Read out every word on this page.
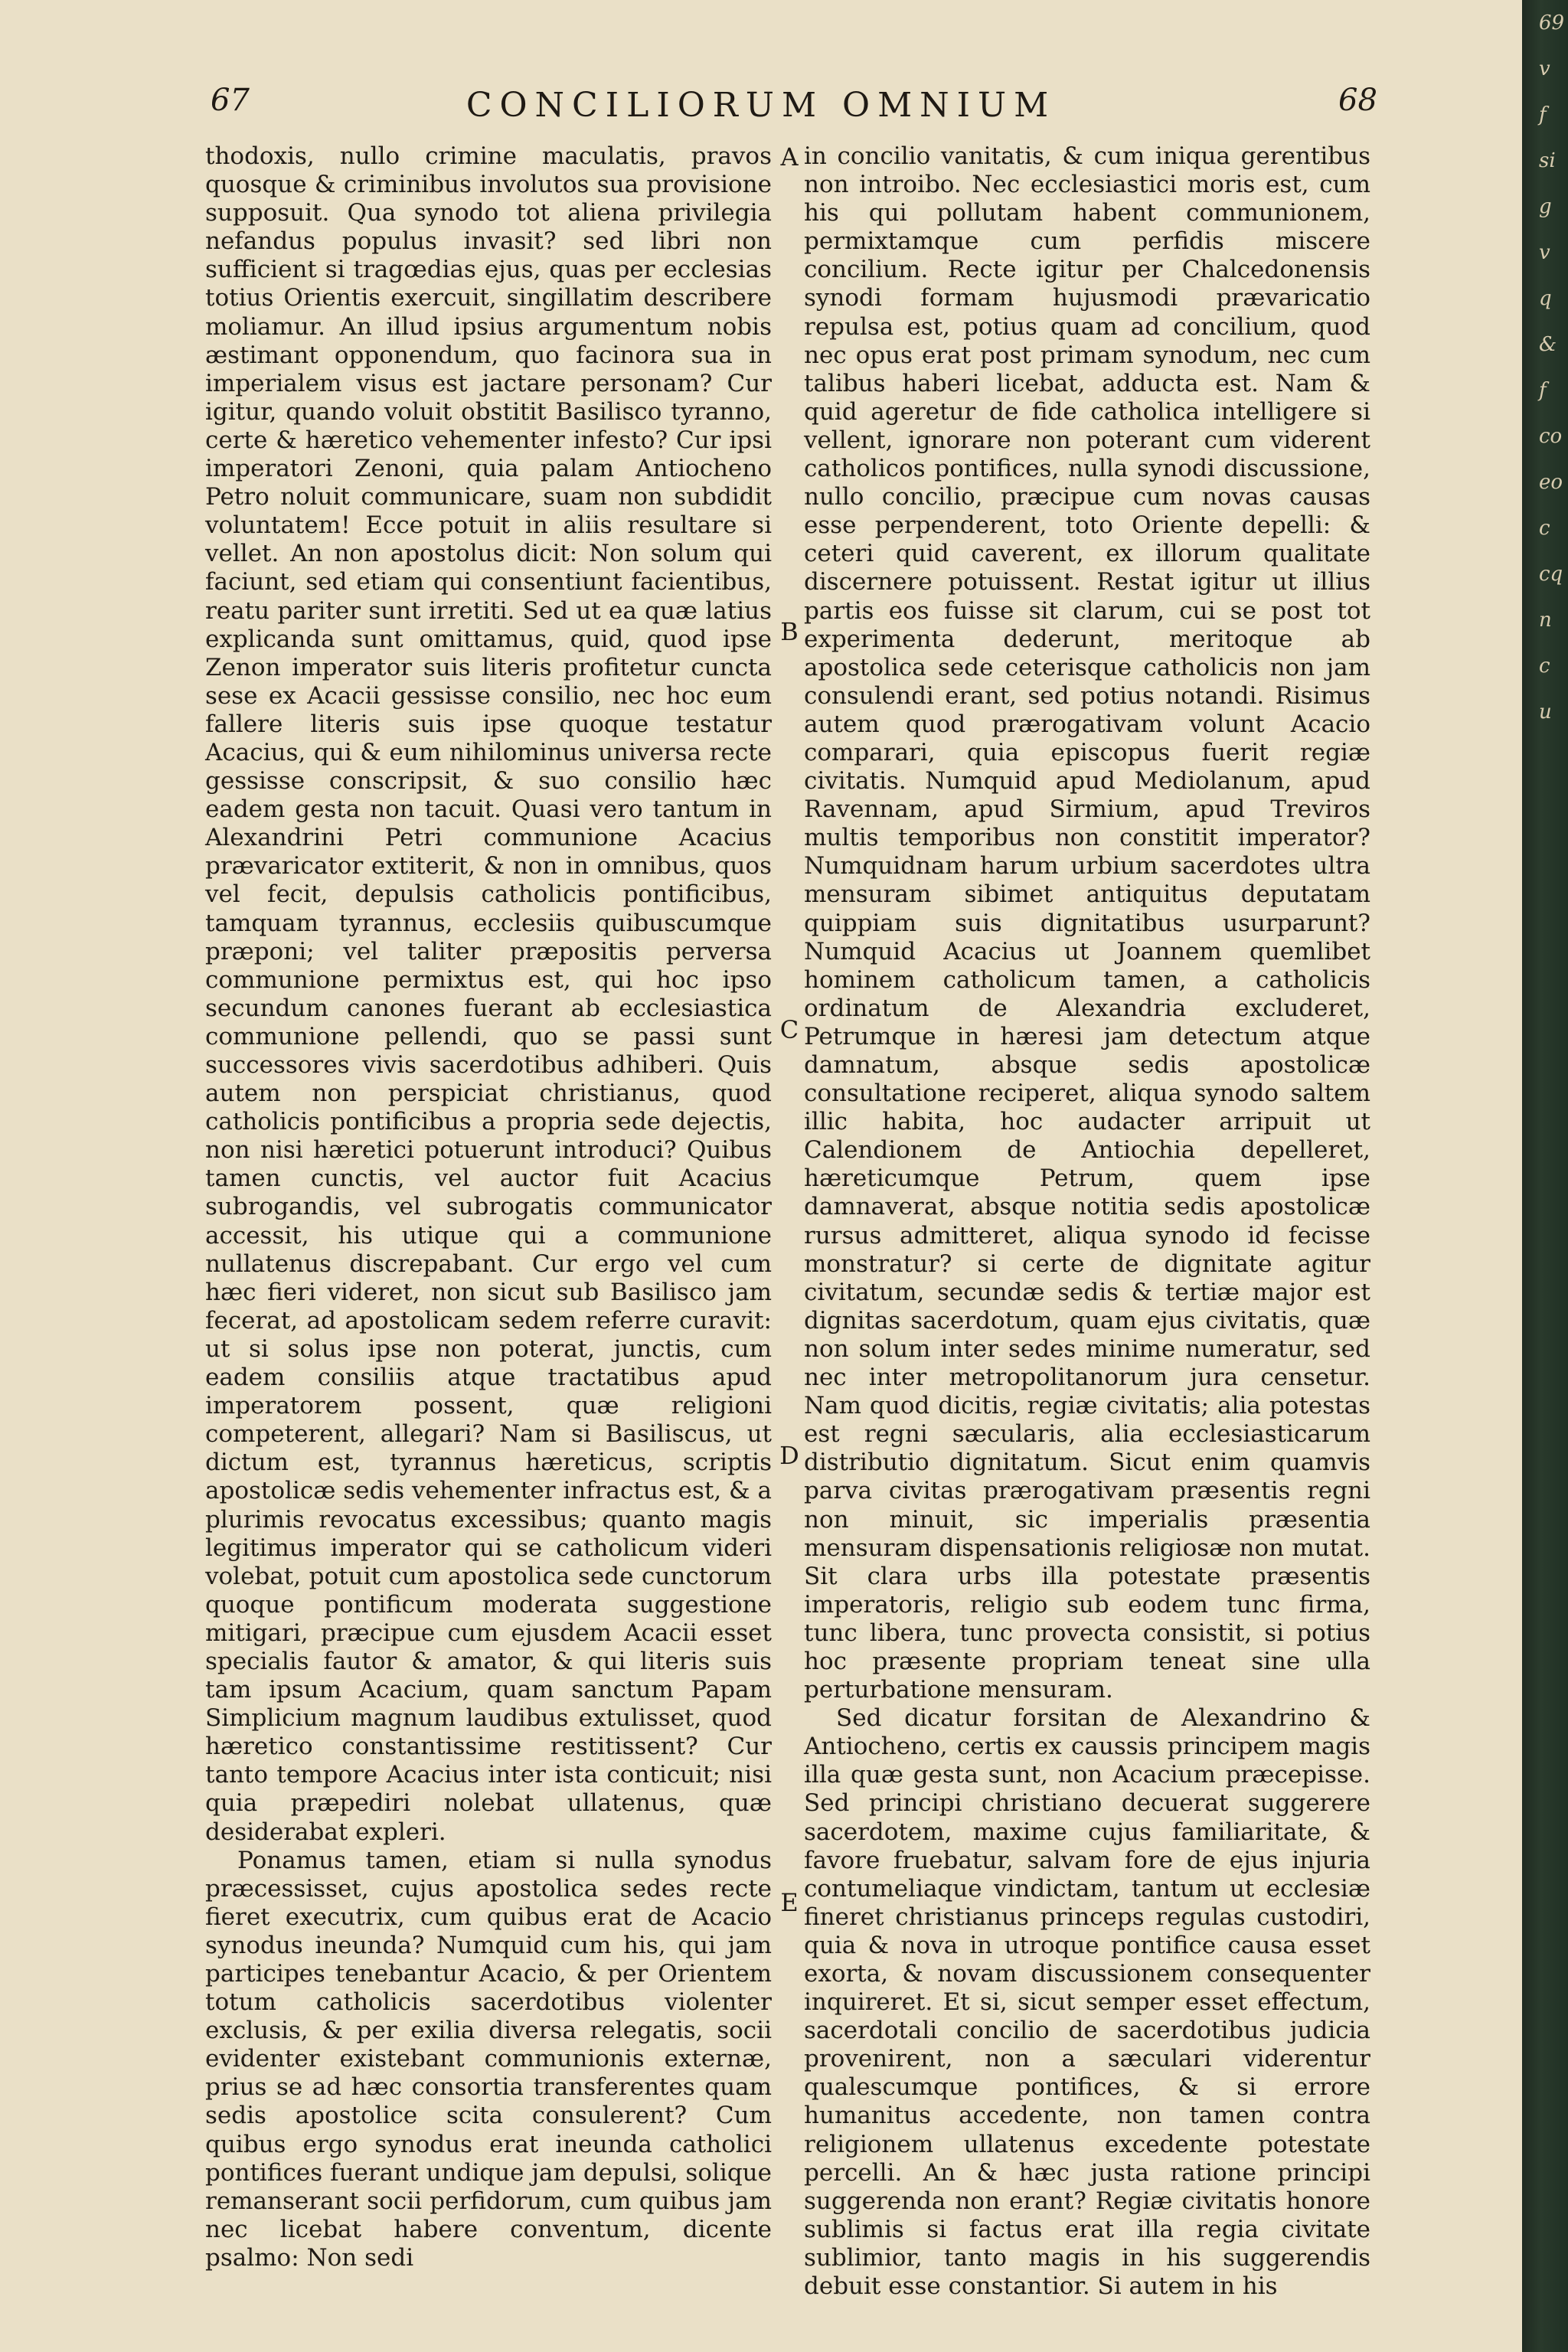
67	CONCILIORUM OMNIUM	68

thodoxis, nullo crimine maculatis, pravos quosque & criminibus involutos sua provisione supposuit. Qua synodo tot aliena privilegia nefandus populus invasit? sed libri non sufficient si tragœdias ejus, quas per ecclesias totius Orientis exercuit, singillatim describere moliamur. An illud ipsius argumentum nobis æstimant opponendum, quo facinora sua in imperialem visus est jactare personam? Cur igitur, quando voluit obstitit Basilisco tyranno, certe & hæretico vehementer infesto? Cur ipsi imperatori Zenoni, quia palam Antiocheno Petro noluit communicare, suam non subdidit voluntatem! Ecce potuit in aliis resultare si vellet. An non apostolus dicit: Non solum qui faciunt, sed etiam qui consentiunt facientibus, reatu pariter sunt irretiti. Sed ut ea quæ latius explicanda sunt omittamus, quid, quod ipse Zenon imperator suis literis profitetur cuncta sese ex Acacii gessisse consilio, nec hoc eum fallere literis suis ipse quoque testatur Acacius, qui & eum nihilominus universa recte gessisse conscripsit, & suo consilio hæc eadem gesta non tacuit. Quasi vero tantum in Alexandrini Petri communione Acacius prævaricator extiterit, & non in omnibus, quos vel fecit, depulsis catholicis pontificibus, tamquam tyrannus, ecclesiis quibuscumque præponi; vel taliter præpositis perversa communione permixtus est, qui hoc ipso secundum canones fuerant ab ecclesiastica communione pellendi, quo se passi sunt successores vivis sacerdotibus adhiberi. Quis autem non perspiciat christianus, quod catholicis pontificibus a propria sede dejectis, non nisi hæretici potuerunt introduci? Quibus tamen cunctis, vel auctor fuit Acacius subrogandis, vel subrogatis communicator accessit, his utique qui a communione nullatenus discrepabant. Cur ergo vel cum hæc fieri videret, non sicut sub Basilisco jam fecerat, ad apostolicam sedem referre curavit: ut si solus ipse non poterat, junctis, cum eadem consiliis atque tractatibus apud imperatorem possent, quæ religioni competerent, allegari? Nam si Basiliscus, ut dictum est, tyrannus hæreticus, scriptis apostolicæ sedis vehementer infractus est, & a plurimis revocatus excessibus; quanto magis legitimus imperator qui se catholicum videri volebat, potuit cum apostolica sede cunctorum quoque pontificum moderata suggestione mitigari, præcipue cum ejusdem Acacii esset specialis fautor & amator, & qui literis suis tam ipsum Acacium, quam sanctum Papam Simplicium magnum laudibus extulisset, quod hæretico constantissime restitissent? Cur tanto tempore Acacius inter ista conticuit; nisi quia præpediri nolebat ullatenus, quæ desiderabat expleri.

Ponamus tamen, etiam si nulla synodus præcessisset, cujus apostolica sedes recte fieret executrix, cum quibus erat de Acacio synodus ineunda? Numquid cum his, qui jam participes tenebantur Acacio, & per Orientem totum catholicis sacerdotibus violenter exclusis, & per exilia diversa relegatis, socii evidenter existebant communionis externæ, prius se ad hæc consortia transferentes quam sedis apostolice scita consulerent? Cum quibus ergo synodus erat ineunda catholici pontifices fuerant undique jam depulsi, solique remanserant socii perfidorum, cum quibus jam nec licebat habere conventum, dicente psalmo: Non sedi

A
B
C
D
E

in concilio vanitatis, & cum iniqua gerentibus non introibo. Nec ecclesiastici moris est, cum his qui pollutam habent communionem, permixtamque cum perfidis miscere concilium. Recte igitur per Chalcedonensis synodi formam hujusmodi prævaricatio repulsa est, potius quam ad concilium, quod nec opus erat post primam synodum, nec cum talibus haberi licebat, adducta est. Nam & quid ageretur de fide catholica intelligere si vellent, ignorare non poterant cum viderent catholicos pontifices, nulla synodi discussione, nullo concilio, præcipue cum novas causas esse perpenderent, toto Oriente depelli: & ceteri quid caverent, ex illorum qualitate discernere potuissent. Restat igitur ut illius partis eos fuisse sit clarum, cui se post tot experimenta dederunt, meritoque ab apostolica sede ceterisque catholicis non jam consulendi erant, sed potius notandi. Risimus autem quod prærogativam volunt Acacio comparari, quia episcopus fuerit regiæ civitatis. Numquid apud Mediolanum, apud Ravennam, apud Sirmium, apud Treviros multis temporibus non constitit imperator? Numquidnam harum urbium sacerdotes ultra mensuram sibimet antiquitus deputatam quippiam suis dignitatibus usurparunt? Numquid Acacius ut Joannem quemlibet hominem catholicum tamen, a catholicis ordinatum de Alexandria excluderet, Petrumque in hæresi jam detectum atque damnatum, absque sedis apostolicæ consultatione reciperet, aliqua synodo saltem illic habita, hoc audacter arripuit ut Calendionem de Antiochia depelleret, hæreticumque Petrum, quem ipse damnaverat, absque notitia sedis apostolicæ rursus admitteret, aliqua synodo id fecisse monstratur? si certe de dignitate agitur civitatum, secundæ sedis & tertiæ major est dignitas sacerdotum, quam ejus civitatis, quæ non solum inter sedes minime numeratur, sed nec inter metropolitanorum jura censetur. Nam quod dicitis, regiæ civitatis; alia potestas est regni sæcularis, alia ecclesiasticarum distributio dignitatum. Sicut enim quamvis parva civitas prærogativam præsentis regni non minuit, sic imperialis præsentia mensuram dispensationis religiosæ non mutat. Sit clara urbs illa potestate præsentis imperatoris, religio sub eodem tunc firma, tunc libera, tunc provecta consistit, si potius hoc præsente propriam teneat sine ulla perturbatione mensuram.

Sed dicatur forsitan de Alexandrino & Antiocheno, certis ex caussis principem magis illa quæ gesta sunt, non Acacium præcepisse. Sed principi christiano decuerat suggerere sacerdotem, maxime cujus familiaritate, & favore fruebatur, salvam fore de ejus injuria contumeliaque vindictam, tantum ut ecclesiæ fineret christianus princeps regulas custodiri, quia & nova in utroque pontifice causa esset exorta, & novam discussionem consequenter inquireret. Et si, sicut semper esset effectum, sacerdotali concilio de sacerdotibus judicia provenirent, non a sæculari viderentur qualescumque pontifices, & si errore humanitus accedente, non tamen contra religionem ullatenus excedente potestate percelli. An & hæc justa ratione principi suggerenda non erant? Regiæ civitatis honore sublimis si factus erat illa regia civitate sublimior, tanto magis in his suggerendis debuit esse constantior. Si autem in his

69
v
f
si
g
v
q
&
f
co
eo
c
cq
n
c
u
